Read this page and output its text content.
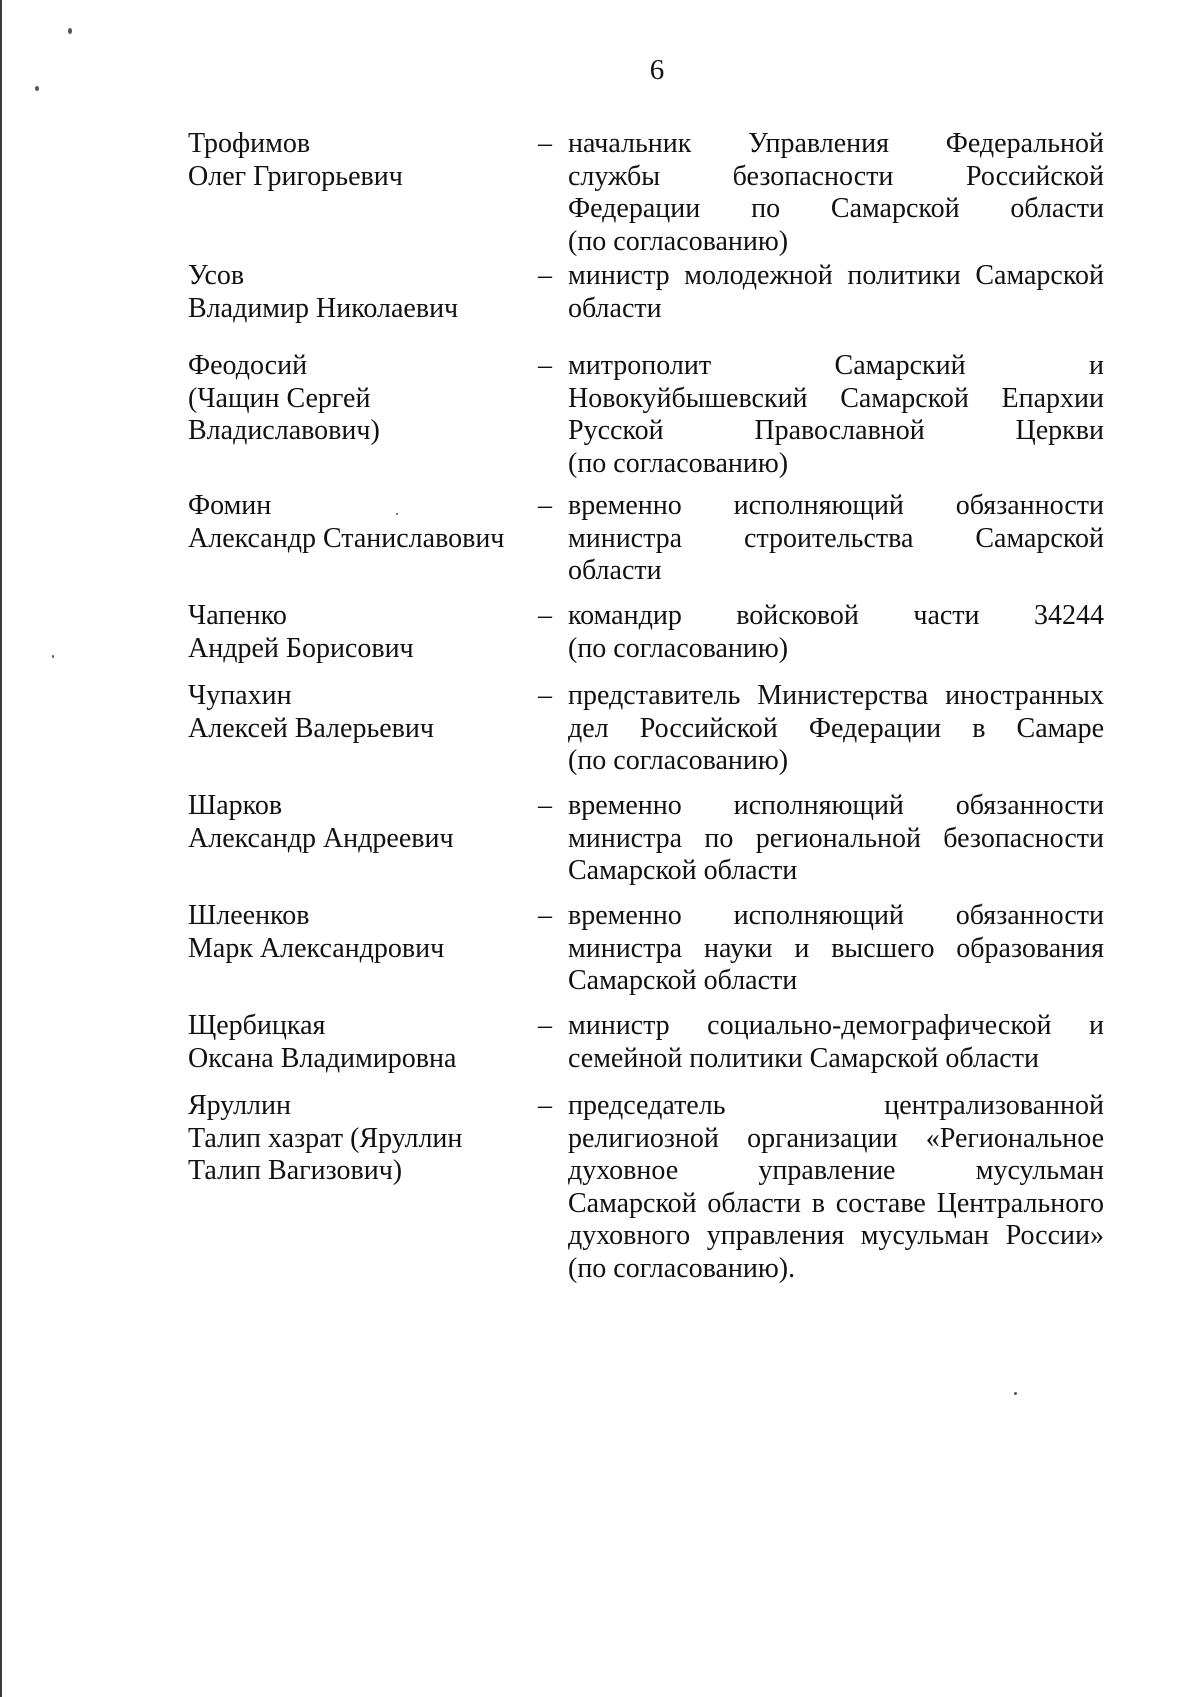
6
Трофимов
Олег Григорьевич
– начальник Управления Федеральной
службы безопасности Российской
Федерации по Самарской области
(по согласованию)
Усов
Владимир Николаевич
– министр молодежной политики Самарской
области
Феодосий
(Чащин Сергей
Владиславович)
– митрополит Самарский и
Новокуйбышевский Самарской Епархии
Русской Православной Церкви
(по согласованию)
Фомин
Александр Станиславович
– временно исполняющий обязанности
министра строительства Самарской
области
Чапенко
Андрей Борисович
– командир войсковой части 34244
(по согласованию)
Чупахин
Алексей Валерьевич
– представитель Министерства иностранных
дел Российской Федерации в Самаре
(по согласованию)
Шарков
Александр Андреевич
– временно исполняющий обязанности
министра по региональной безопасности
Самарской области
Шлеенков
Марк Александрович
– временно исполняющий обязанности
министра науки и высшего образования
Самарской области
Щербицкая
Оксана Владимировна
– министр социально-демографической и
семейной политики Самарской области
Яруллин
Талип хазрат (Яруллин
Талип Вагизович)
– председатель централизованной
религиозной организации «Региональное
духовное управление мусульман
Самарской области в составе Центрального
духовного управления мусульман России»
(по согласованию).
